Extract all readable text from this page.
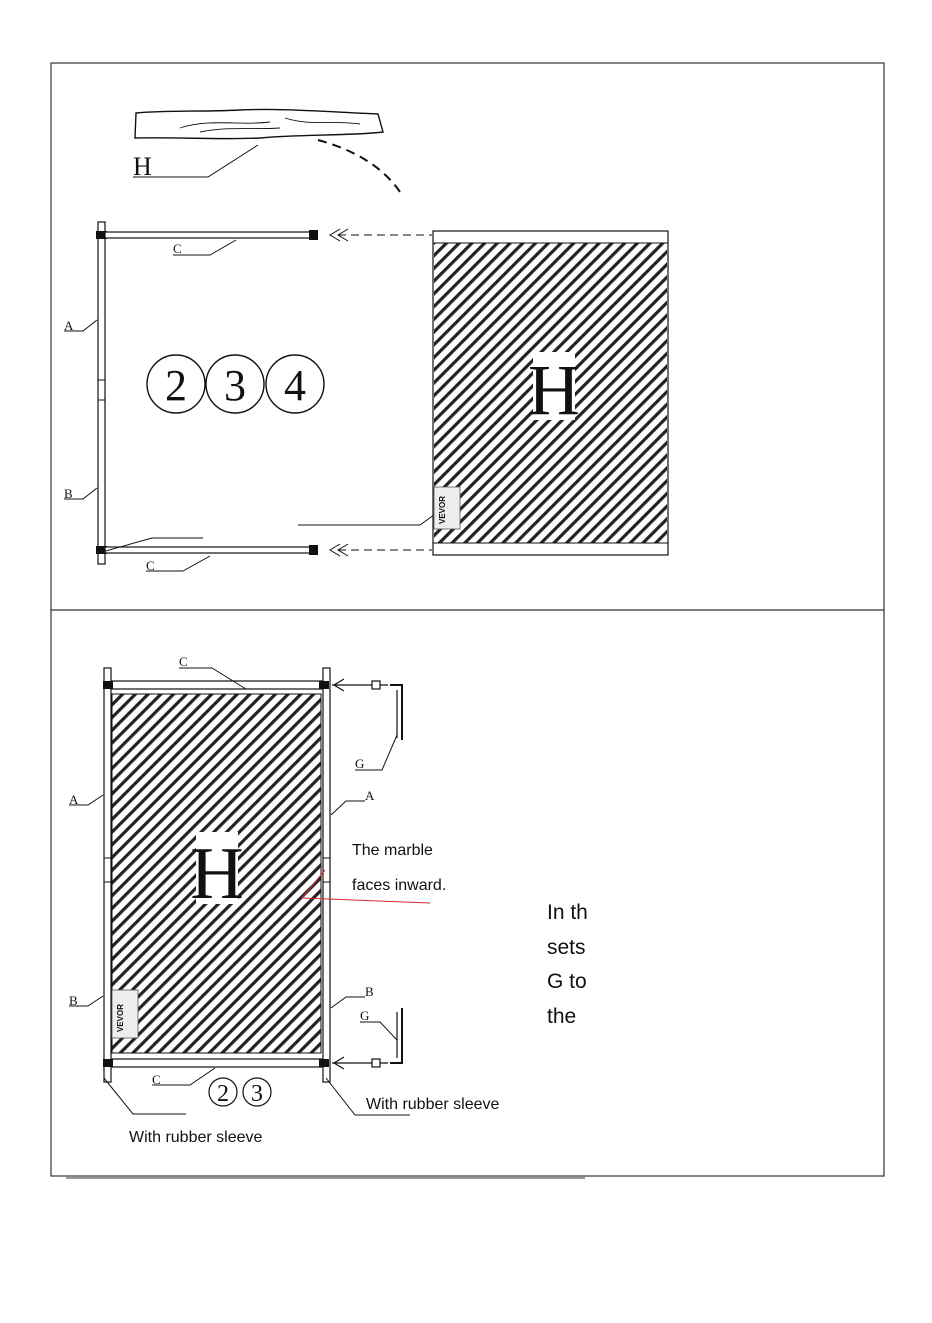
H
C
A
B
C
2 3 4	H
VEVOR
H
VEVOR
C
A
B
A
B
G
G
C
2 3
The marble
faces inward.
With rubber sleeve
With rubber sleeve
In th
sets
G to
the
